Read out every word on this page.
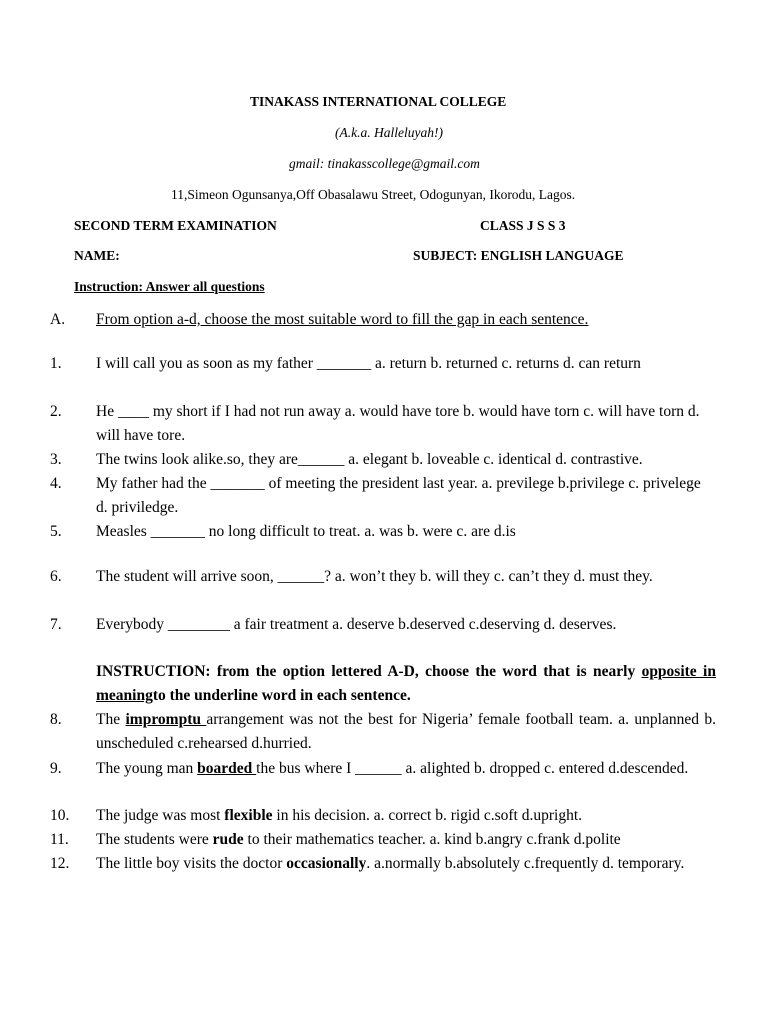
TINAKASS INTERNATIONAL COLLEGE
(A.k.a. Halleluyah!)
gmail: tinakasscollege@gmail.com
11,Simeon Ogunsanya,Off Obasalawu Street, Odogunyan, Ikorodu, Lagos.
SECOND TERM EXAMINATION	CLASS J S S 3
NAME:	SUBJECT: ENGLISH LANGUAGE
Instruction: Answer all questions
A. From option a-d, choose the most suitable word to fill the gap in each sentence.
1. I will call you as soon as my father _______ a. return b. returned c. returns d. can return
2. He ____ my short if I had not run away a. would have tore b. would have torn c. will have torn d. will have tore.
3. The twins look alike.so, they are______ a. elegant b. loveable c. identical d. contrastive.
4. My father had the _______ of meeting the president last year. a. previlege b.privilege c. privelege d. priviledge.
5. Measles _______ no long difficult to treat. a. was b. were c. are d.is
6. The student will arrive soon, ______? a. won’t they b. will they c. can’t they d. must they.
7. Everybody ________ a fair treatment a. deserve b.deserved c.deserving d. deserves.
INSTRUCTION: from the option lettered A-D, choose the word that is nearly opposite in meaningto the underline word in each sentence.
8. The impromptu arrangement was not the best for Nigeria’ female football team. a. unplanned b. unscheduled c.rehearsed d.hurried.
9. The young man boarded the bus where I ______ a. alighted b. dropped c. entered d.descended.
10. The judge was most flexible in his decision. a. correct b. rigid c.soft d.upright.
11. The students were rude to their mathematics teacher. a. kind b.angry c.frank d.polite
12. The little boy visits the doctor occasionally. a.normally b.absolutely c.frequently d. temporary.
